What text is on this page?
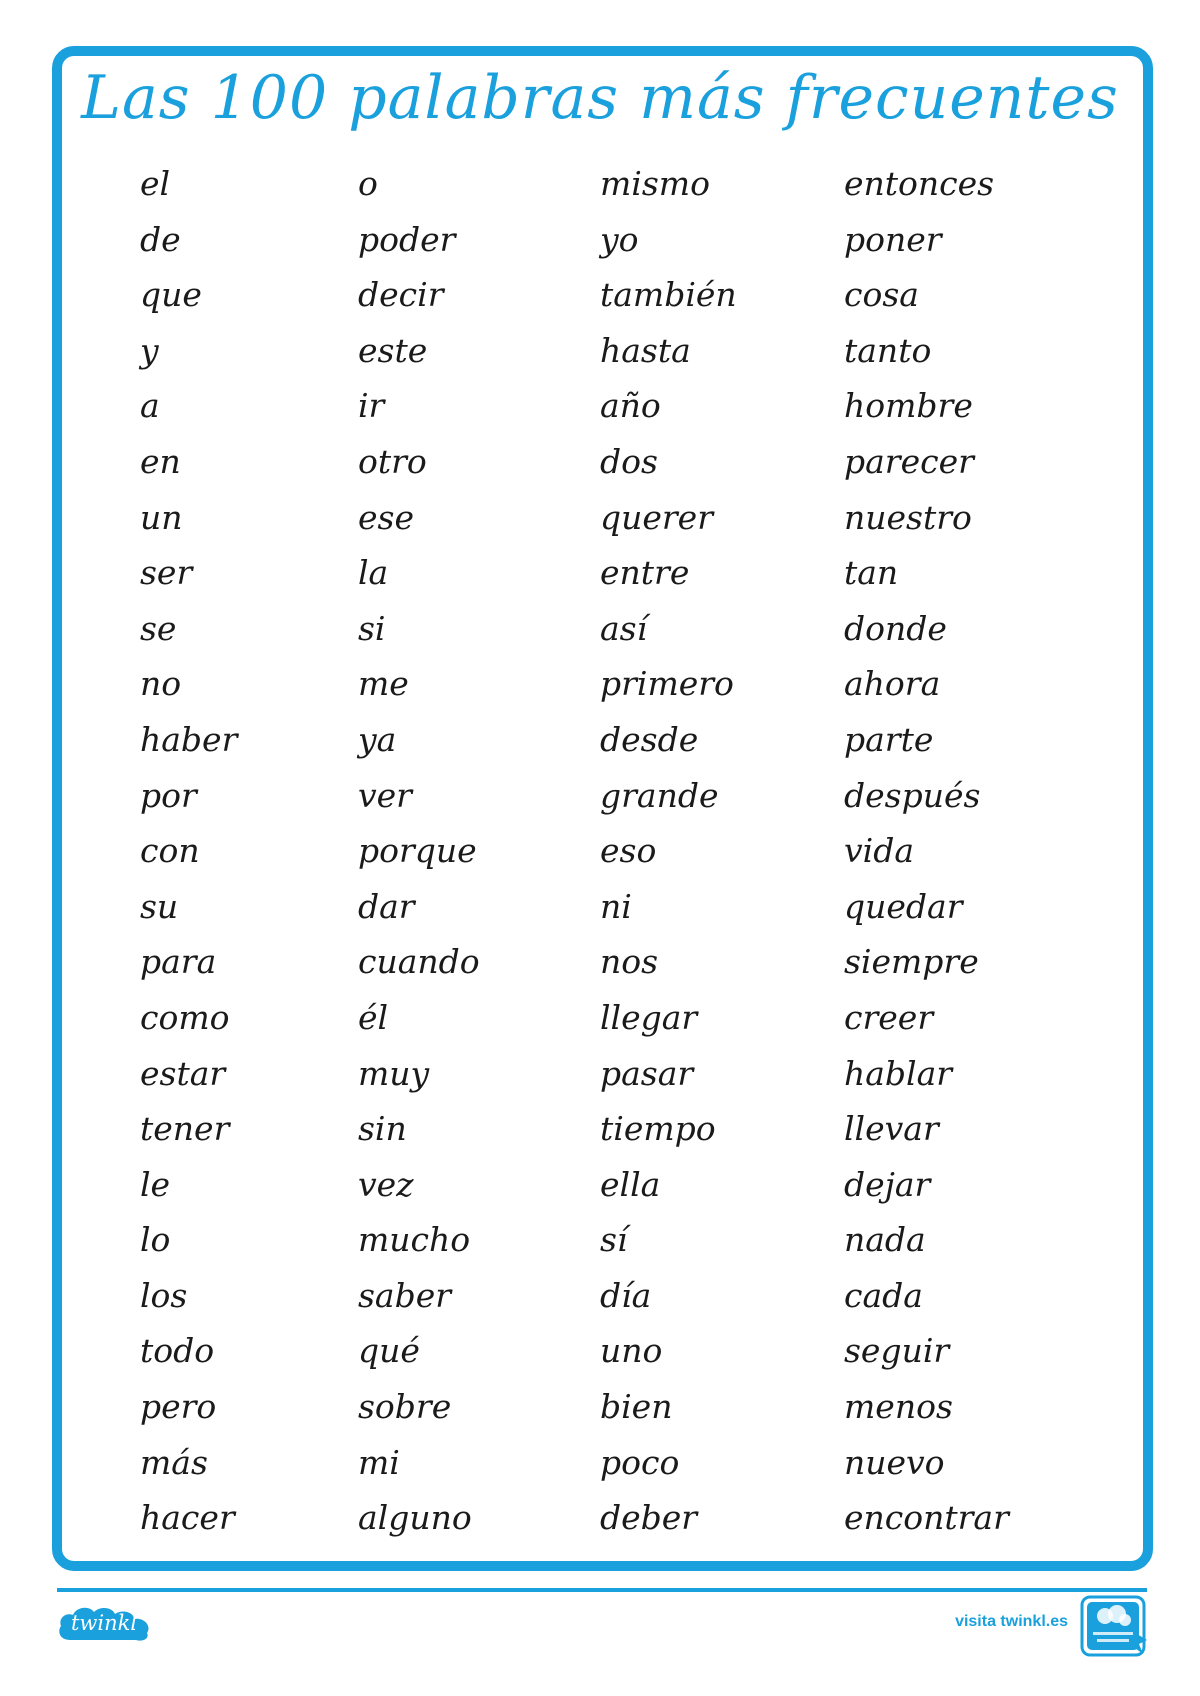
Las 100 palabras más frecuentes
el
de
que
y
a
en
un
ser
se
no
haber
por
con
su
para
como
estar
tener
le
lo
los
todo
pero
más
hacer
o
poder
decir
este
ir
otro
ese
la
si
me
ya
ver
porque
dar
cuando
él
muy
sin
vez
mucho
saber
qué
sobre
mi
alguno
mismo
yo
también
hasta
año
dos
querer
entre
así
primero
desde
grande
eso
ni
nos
llegar
pasar
tiempo
ella
sí
día
uno
bien
poco
deber
entonces
poner
cosa
tanto
hombre
parecer
nuestro
tan
donde
ahora
parte
después
vida
quedar
siempre
creer
hablar
llevar
dejar
nada
cada
seguir
menos
nuevo
encontrar
twinkl	visita twinkl.es
